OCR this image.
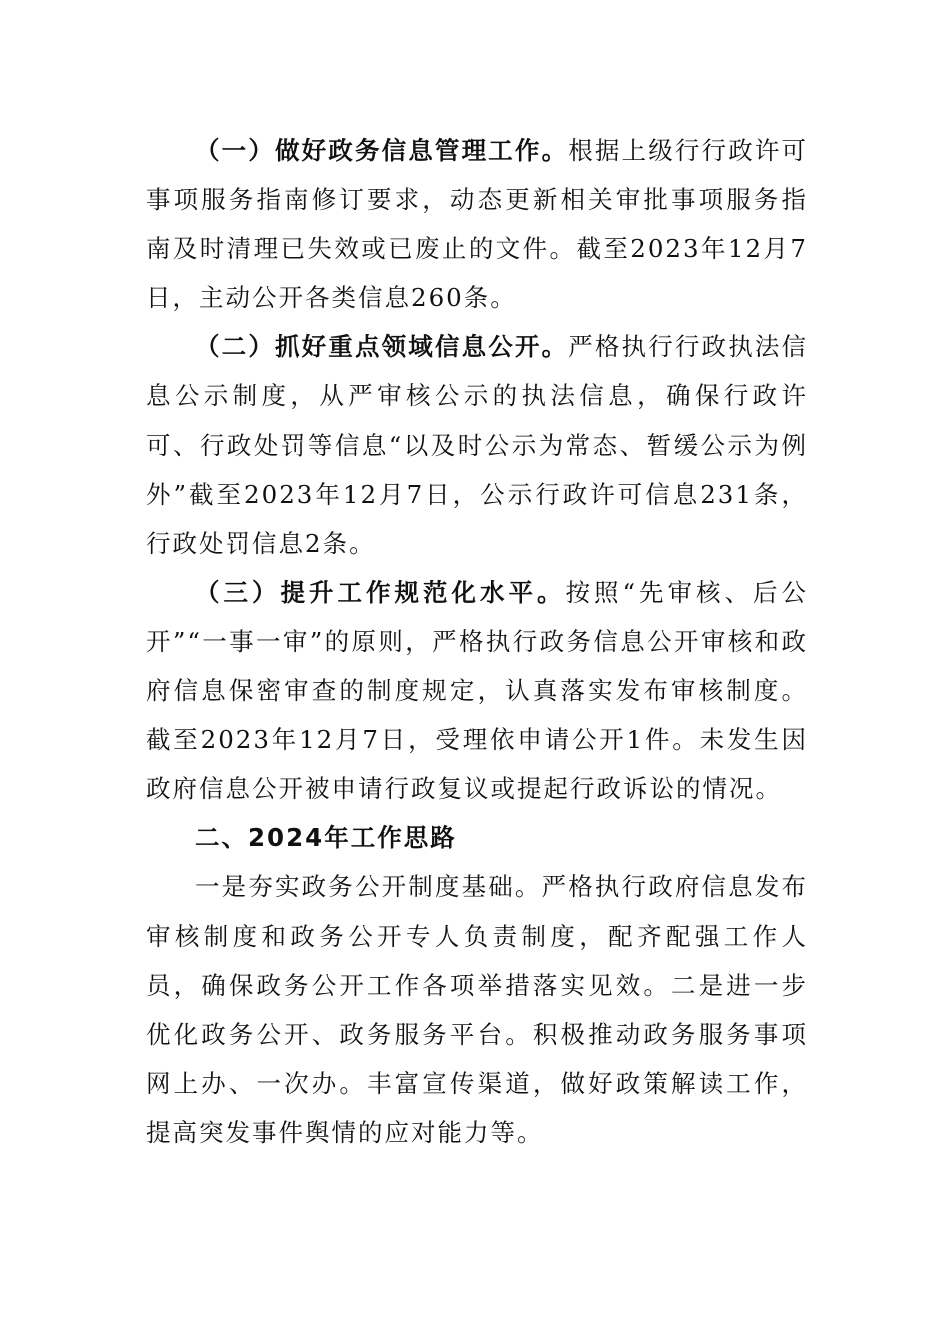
（一）做好政务信息管理工作。根据上级行行政许可事项服务指南修订要求，动态更新相关审批事项服务指南及时清理已失效或已废止的文件。截至2023年12月7日，主动公开各类信息260条。

（二）抓好重点领域信息公开。严格执行行政执法信息公示制度，从严审核公示的执法信息，确保行政许可、行政处罚等信息“以及时公示为常态、暂缓公示为例外”截至2023年12月7日，公示行政许可信息231条，行政处罚信息2条。

（三）提升工作规范化水平。按照“先审核、后公开”“一事一审”的原则，严格执行政务信息公开审核和政府信息保密审查的制度规定，认真落实发布审核制度。截至2023年12月7日，受理依申请公开1件。未发生因政府信息公开被申请行政复议或提起行政诉讼的情况。

二、2024年工作思路

一是夯实政务公开制度基础。严格执行政府信息发布审核制度和政务公开专人负责制度，配齐配强工作人员，确保政务公开工作各项举措落实见效。二是进一步优化政务公开、政务服务平台。积极推动政务服务事项网上办、一次办。丰富宣传渠道，做好政策解读工作，提高突发事件舆情的应对能力等。
